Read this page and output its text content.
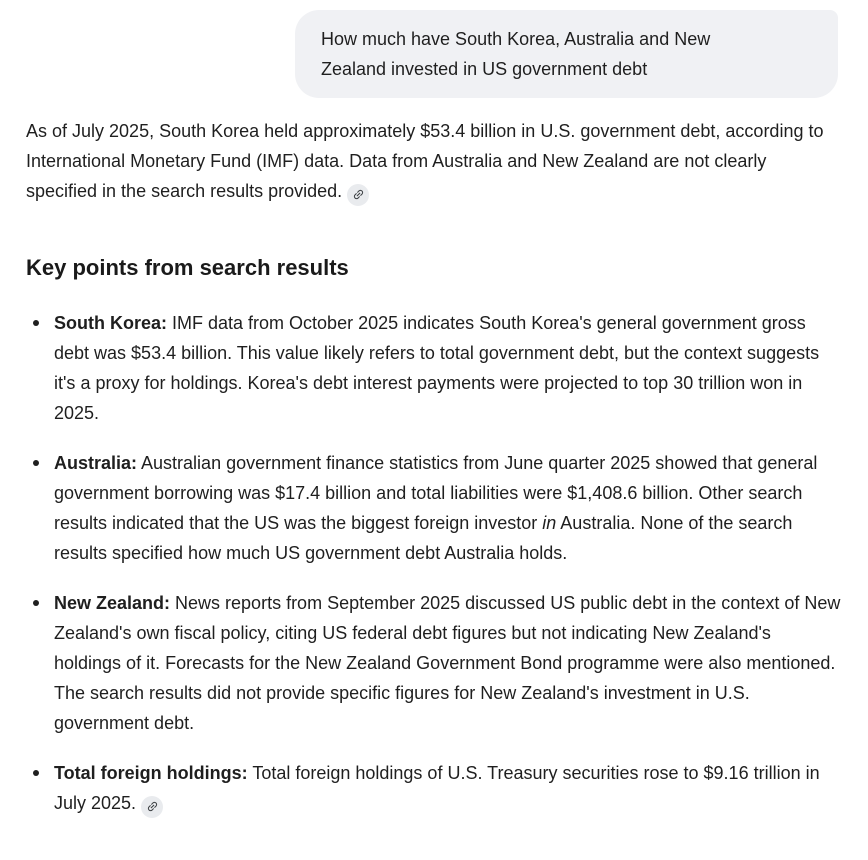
How much have South Korea, Australia and New Zealand invested in US government debt

As of July 2025, South Korea held approximately $53.4 billion in U.S. government debt, according to International Monetary Fund (IMF) data. Data from Australia and New Zealand are not clearly specified in the search results provided.

Key points from search results
South Korea: IMF data from October 2025 indicates South Korea's general government gross debt was $53.4 billion. This value likely refers to total government debt, but the context suggests it's a proxy for holdings. Korea's debt interest payments were projected to top 30 trillion won in 2025.
Australia: Australian government finance statistics from June quarter 2025 showed that general government borrowing was $17.4 billion and total liabilities were $1,408.6 billion. Other search results indicated that the US was the biggest foreign investor in Australia. None of the search results specified how much US government debt Australia holds.
New Zealand: News reports from September 2025 discussed US public debt in the context of New Zealand's own fiscal policy, citing US federal debt figures but not indicating New Zealand's holdings of it. Forecasts for the New Zealand Government Bond programme were also mentioned. The search results did not provide specific figures for New Zealand's investment in U.S. government debt.
Total foreign holdings: Total foreign holdings of U.S. Treasury securities rose to $9.16 trillion in July 2025.
